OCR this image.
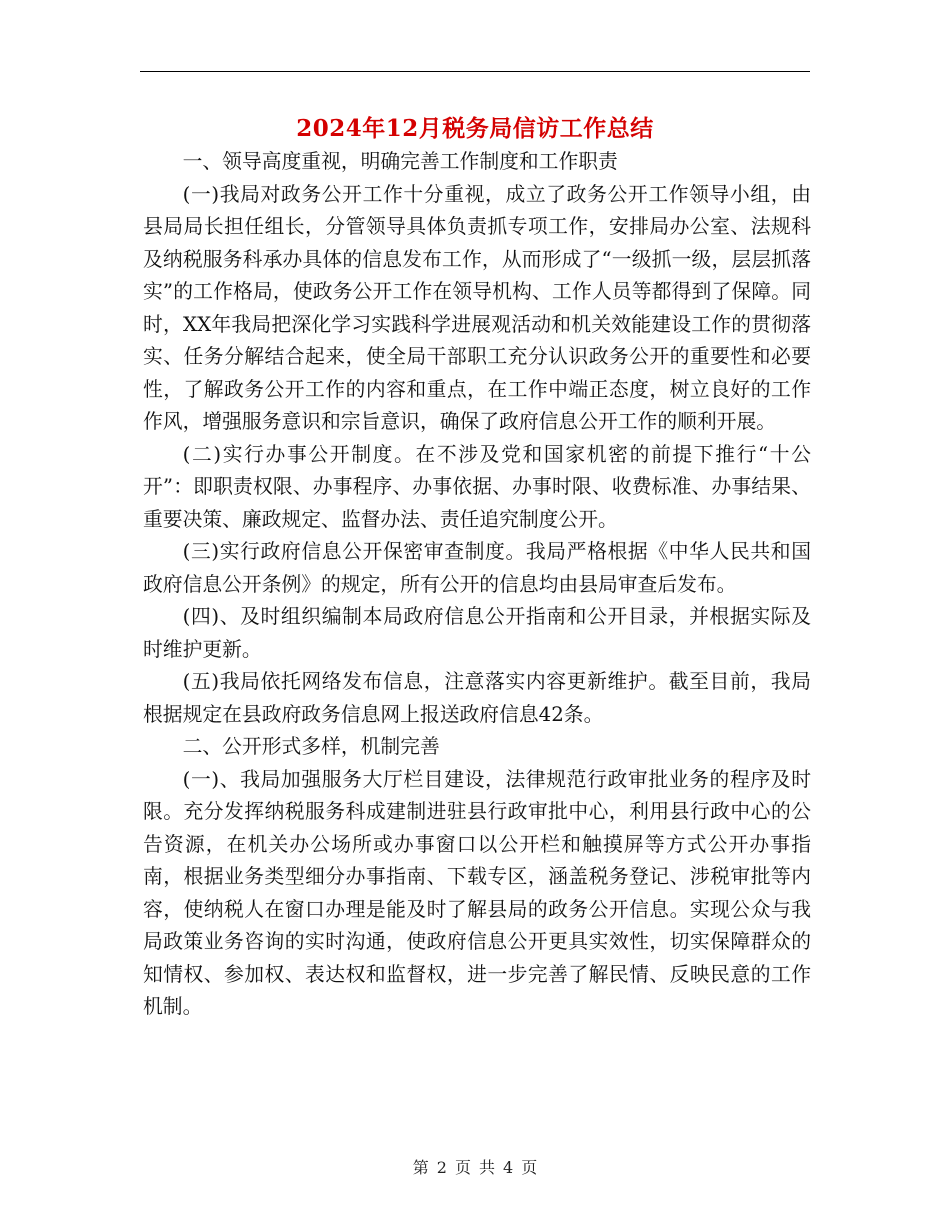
2024年12月税务局信访工作总结

一、领导高度重视，明确完善工作制度和工作职责

(一)我局对政务公开工作十分重视，成立了政务公开工作领导小组，由县局局长担任组长，分管领导具体负责抓专项工作，安排局办公室、法规科及纳税服务科承办具体的信息发布工作，从而形成了“一级抓一级，层层抓落实”的工作格局，使政务公开工作在领导机构、工作人员等都得到了保障。同时，XX年我局把深化学习实践科学进展观活动和机关效能建设工作的贯彻落实、任务分解结合起来，使全局干部职工充分认识政务公开的重要性和必要性，了解政务公开工作的内容和重点，在工作中端正态度，树立良好的工作作风，增强服务意识和宗旨意识，确保了政府信息公开工作的顺利开展。

(二)实行办事公开制度。在不涉及党和国家机密的前提下推行“十公开”：即职责权限、办事程序、办事依据、办事时限、收费标准、办事结果、重要决策、廉政规定、监督办法、责任追究制度公开。

(三)实行政府信息公开保密审查制度。我局严格根据《中华人民共和国政府信息公开条例》的规定，所有公开的信息均由县局审查后发布。

(四)、及时组织编制本局政府信息公开指南和公开目录，并根据实际及时维护更新。

(五)我局依托网络发布信息，注意落实内容更新维护。截至目前，我局根据规定在县政府政务信息网上报送政府信息42条。

二、公开形式多样，机制完善

(一)、我局加强服务大厅栏目建设，法律规范行政审批业务的程序及时限。充分发挥纳税服务科成建制进驻县行政审批中心，利用县行政中心的公告资源，在机关办公场所或办事窗口以公开栏和触摸屏等方式公开办事指南，根据业务类型细分办事指南、下载专区，涵盖税务登记、涉税审批等内容，使纳税人在窗口办理是能及时了解县局的政务公开信息。实现公众与我局政策业务咨询的实时沟通，使政府信息公开更具实效性，切实保障群众的知情权、参加权、表达权和监督权，进一步完善了解民情、反映民意的工作机制。

第 2 页 共 4 页
